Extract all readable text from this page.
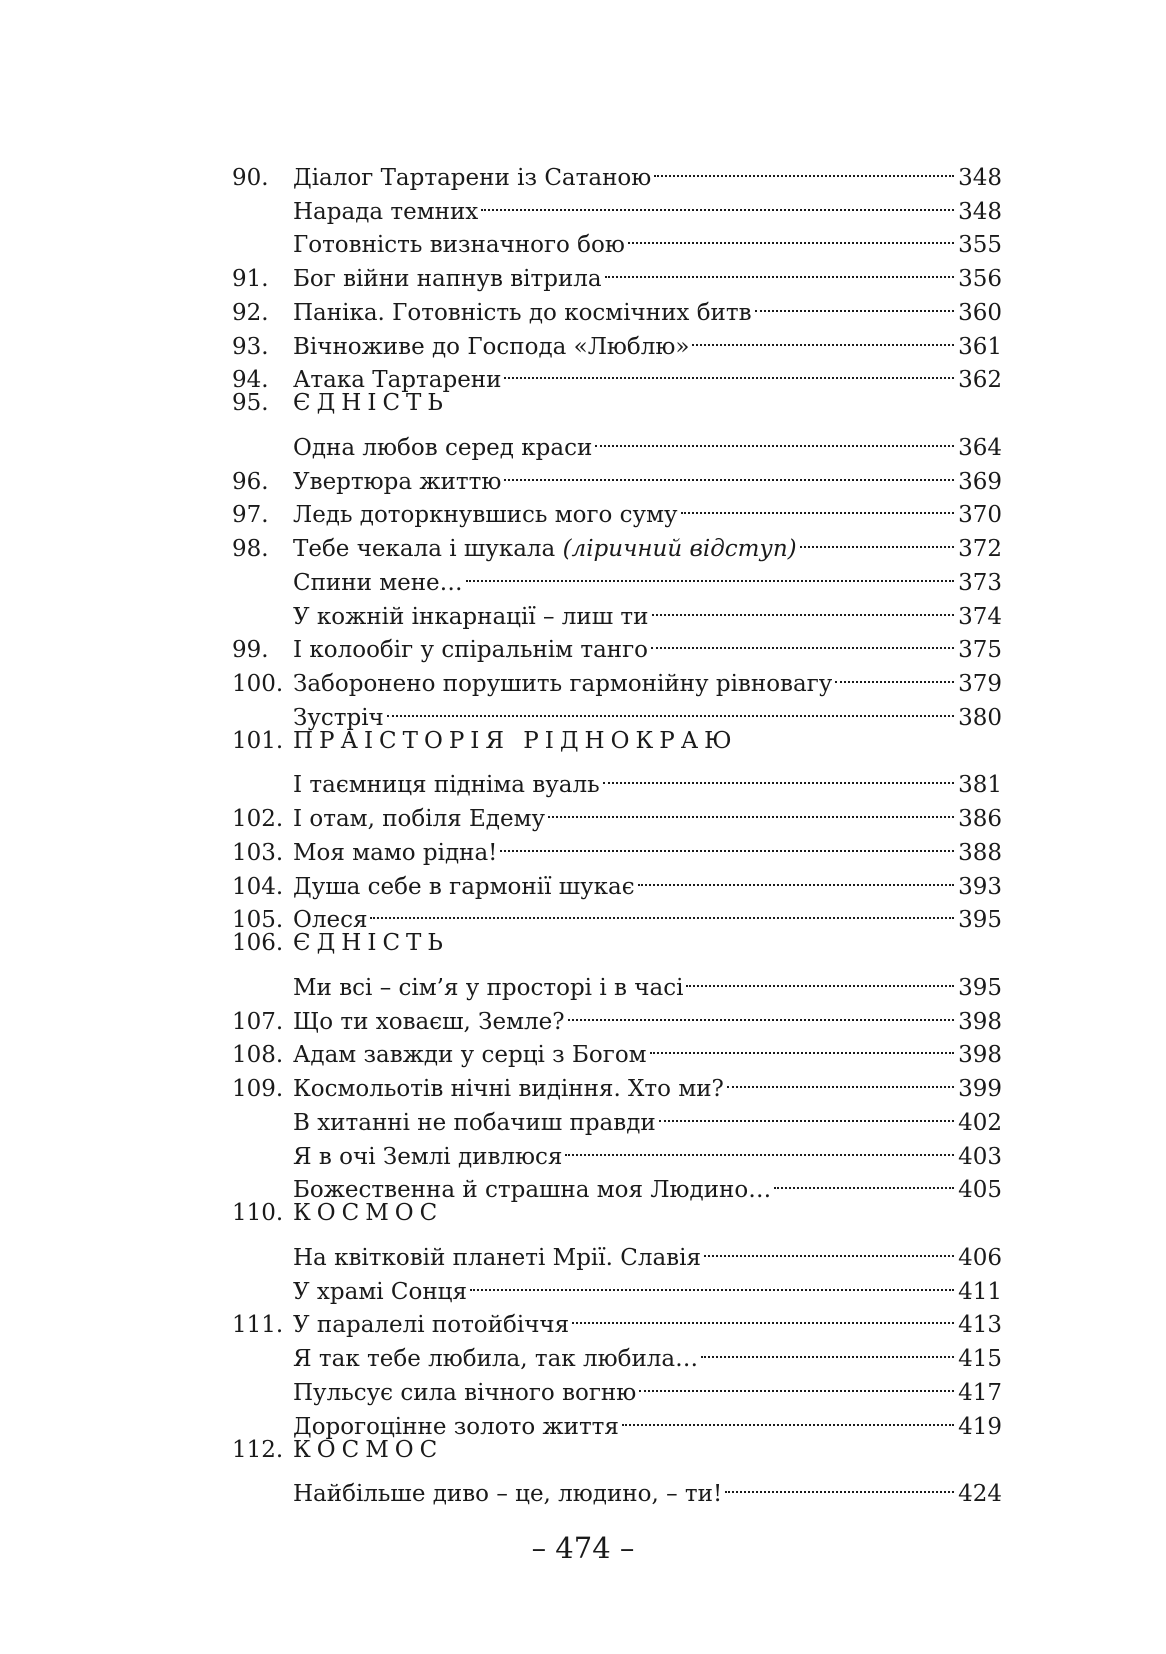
90.	Діалог Тартарени із Сатаною	348
Нарада темних	348
Готовність визначного бою	355
91.	Бог війни напнув вітрила	356
92.	Паніка. Готовність до космічних битв	360
93.	Вічноживе до Господа «Люблю»	361
94.	Атака Тартарени	362
95.	ЄДНІСТЬ
Одна любов серед краси	364
96.	Увертюра життю	369
97.	Ледь доторкнувшись мого суму	370
98.	Тебе чекала і шукала (ліричний відступ)	372
Спини мене…	373
У кожній інкарнації – лиш ти	374
99.	І колообіг у спіральнім танго	375
100. Заборонено порушить гармонійну рівновагу	379
Зустріч	380
101. ПРАІСТОРІЯ РІДНОКРАЮ
І таємниця підніма вуаль	381
102. І отам, побіля Едему	386
103. Моя мамо рідна!	388
104. Душа себе в гармонії шукає	393
105. Олеся	395
106. ЄДНІСТЬ
Ми всі – сім’я у просторі і в часі	395
107. Що ти ховаєш, Земле?	398
108. Адам завжди у серці з Богом	398
109. Космольотів нічні видіння. Хто ми?	399
В хитанні не побачиш правди	402
Я в очі Землі дивлюся	403
Божественна й страшна моя Людино…	405
110. КОСМОС
На квітковій планеті Мрії. Славія	406
У храмі Сонця	411
111. У паралелі потойбіччя	413
Я так тебе любила, так любила…	415
Пульсує сила вічного вогню	417
Дорогоцінне золото життя	419
112. КОСМОС
Найбільше диво – це, людино, – ти!	424
– 474 –
